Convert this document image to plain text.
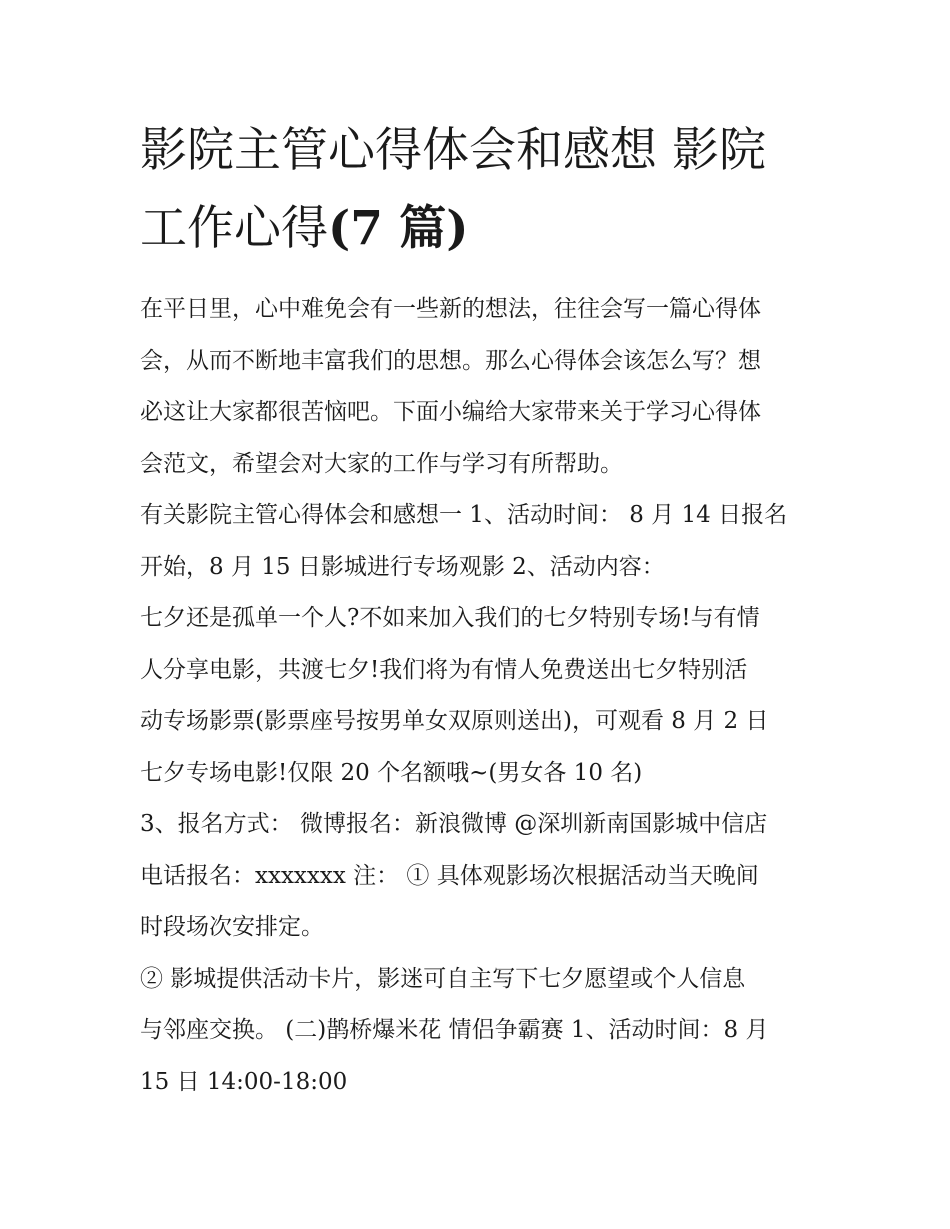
影院主管心得体会和感想 影院
工作心得(7 篇)

在平日里，心中难免会有一些新的想法，往往会写一篇心得体
会，从而不断地丰富我们的思想。那么心得体会该怎么写？想
必这让大家都很苦恼吧。下面小编给大家带来关于学习心得体
会范文，希望会对大家的工作与学习有所帮助。

有关影院主管心得体会和感想一 1、活动时间： 8 月 14 日报名
开始，8 月 15 日影城进行专场观影 2、活动内容：

七夕还是孤单一个人?不如来加入我们的七夕特别专场!与有情
人分享电影，共渡七夕!我们将为有情人免费送出七夕特别活
动专场影票(影票座号按男单女双原则送出)，可观看 8 月 2 日
七夕专场电影!仅限 20 个名额哦~(男女各 10 名)

3、报名方式： 微博报名：新浪微博 @深圳新南国影城中信店
电话报名：xxxxxxx 注： ① 具体观影场次根据活动当天晚间
时段场次安排定。

② 影城提供活动卡片，影迷可自主写下七夕愿望或个人信息
与邻座交换。 (二)鹊桥爆米花 情侣争霸赛 1、活动时间：8 月
15 日 14:00-18:00
